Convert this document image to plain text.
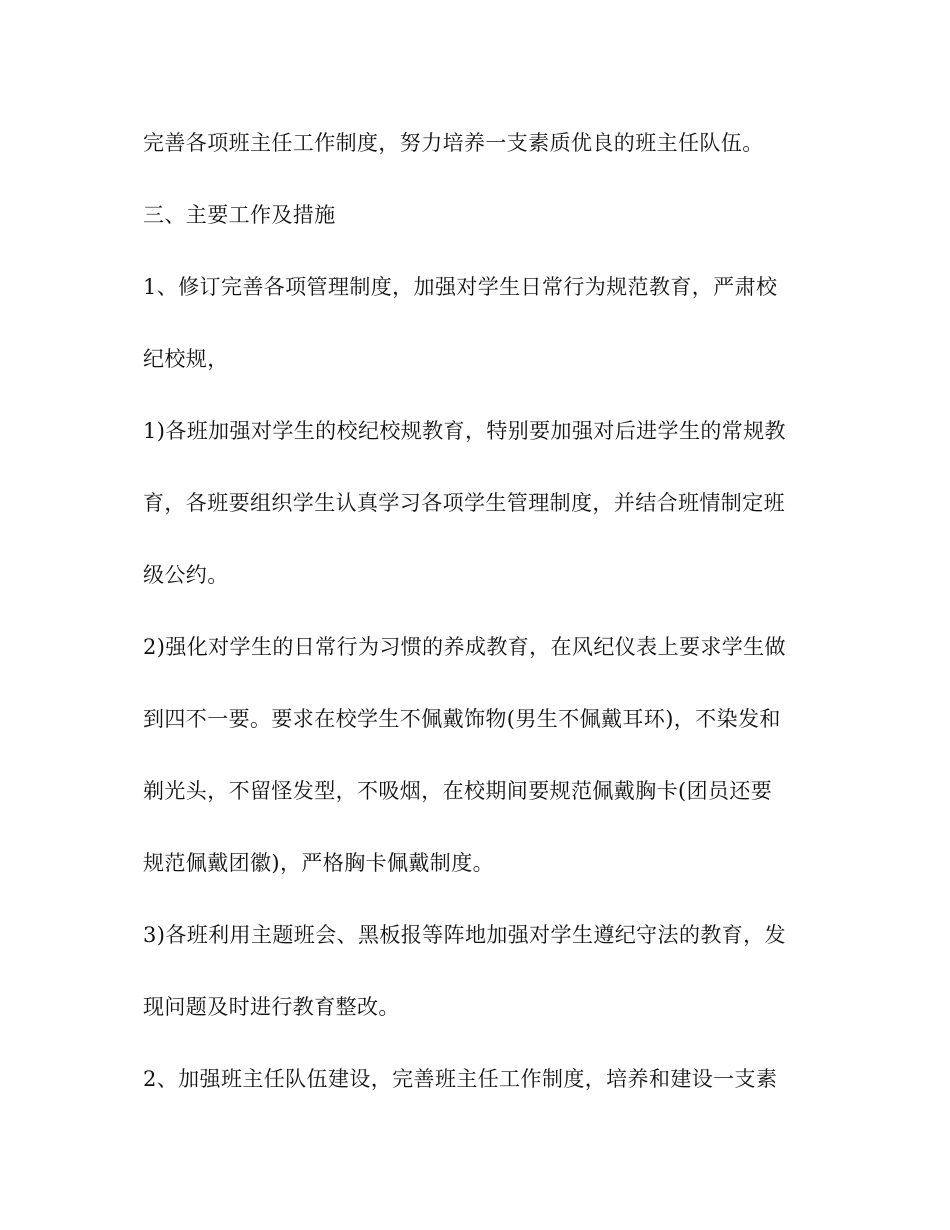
完善各项班主任工作制度，努力培养一支素质优良的班主任队伍。

三、主要工作及措施

1、修订完善各项管理制度，加强对学生日常行为规范教育，严肃校

纪校规，

1)各班加强对学生的校纪校规教育，特别要加强对后进学生的常规教

育，各班要组织学生认真学习各项学生管理制度，并结合班情制定班

级公约。

2)强化对学生的日常行为习惯的养成教育，在风纪仪表上要求学生做

到四不一要。要求在校学生不佩戴饰物(男生不佩戴耳环)，不染发和

剃光头，不留怪发型，不吸烟，在校期间要规范佩戴胸卡(团员还要

规范佩戴团徽)，严格胸卡佩戴制度。

3)各班利用主题班会、黑板报等阵地加强对学生遵纪守法的教育，发

现问题及时进行教育整改。

2、加强班主任队伍建设，完善班主任工作制度，培养和建设一支素
